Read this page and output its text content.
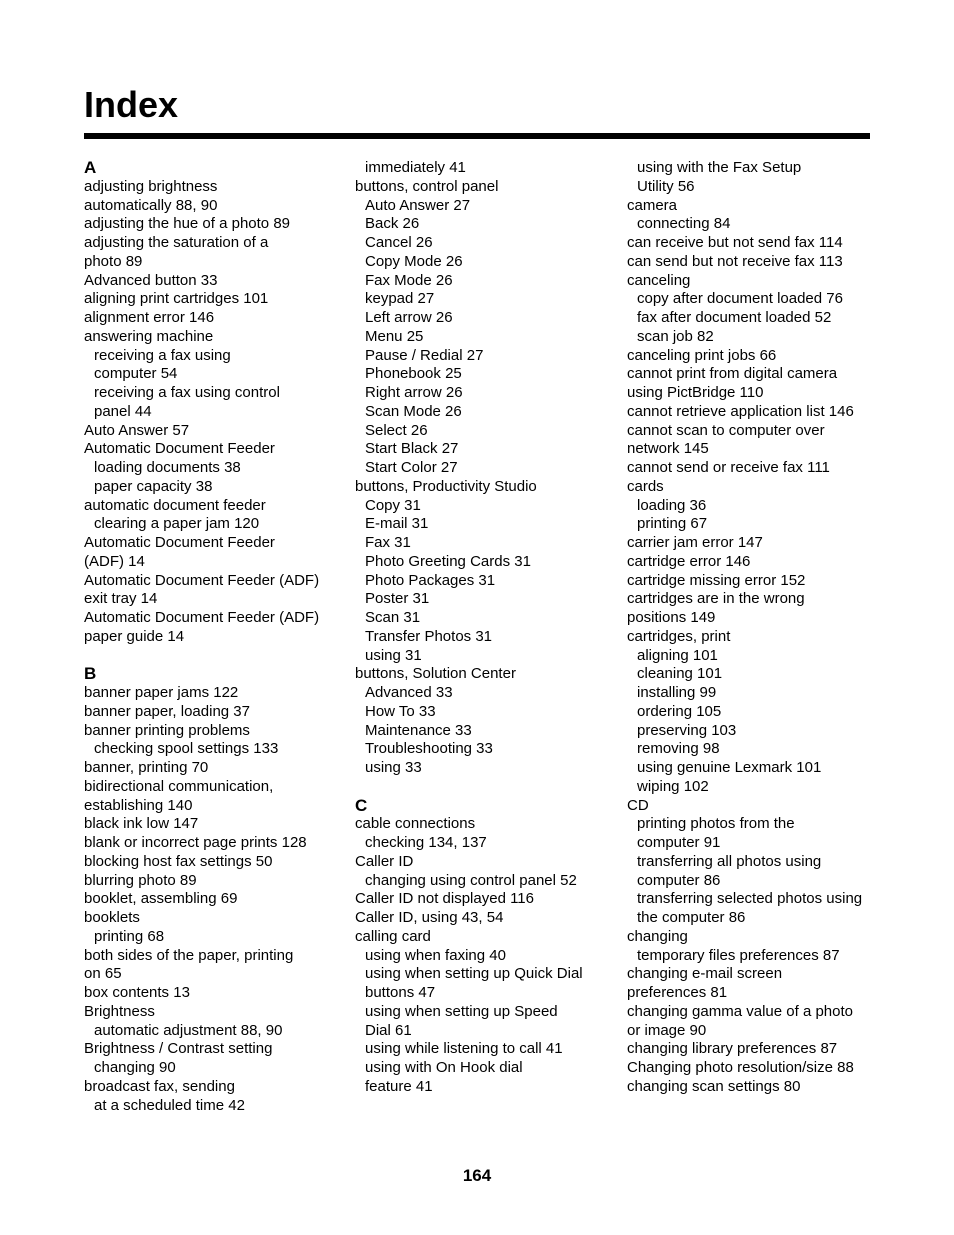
Index
A
adjusting brightness
automatically 88, 90
adjusting the hue of a photo 89
adjusting the saturation of a
photo 89
Advanced button 33
aligning print cartridges 101
alignment error 146
answering machine
receiving a fax using
computer 54
receiving a fax using control
panel 44
Auto Answer 57
Automatic Document Feeder
loading documents 38
paper capacity 38
automatic document feeder
clearing a paper jam 120
Automatic Document Feeder
(ADF) 14
Automatic Document Feeder (ADF)
exit tray 14
Automatic Document Feeder (ADF)
paper guide 14
B
banner paper jams 122
banner paper, loading 37
banner printing problems
checking spool settings 133
banner, printing 70
bidirectional communication,
establishing 140
black ink low 147
blank or incorrect page prints 128
blocking host fax settings 50
blurring photo 89
booklet, assembling 69
booklets
printing 68
both sides of the paper, printing
on 65
box contents 13
Brightness
automatic adjustment 88, 90
Brightness / Contrast setting
changing 90
broadcast fax, sending
at a scheduled time 42
immediately 41
buttons, control panel
Auto Answer 27
Back 26
Cancel 26
Copy Mode 26
Fax Mode 26
keypad 27
Left arrow 26
Menu 25
Pause / Redial 27
Phonebook 25
Right arrow 26
Scan Mode 26
Select 26
Start Black 27
Start Color 27
buttons, Productivity Studio
Copy 31
E-mail 31
Fax 31
Photo Greeting Cards 31
Photo Packages 31
Poster 31
Scan 31
Transfer Photos 31
using 31
buttons, Solution Center
Advanced 33
How To 33
Maintenance 33
Troubleshooting 33
using 33
C
cable connections
checking 134, 137
Caller ID
changing using control panel 52
Caller ID not displayed 116
Caller ID, using 43, 54
calling card
using when faxing 40
using when setting up Quick Dial
buttons 47
using when setting up Speed
Dial 61
using while listening to call 41
using with On Hook dial
feature 41
using with the Fax Setup
Utility 56
camera
connecting 84
can receive but not send fax 114
can send but not receive fax 113
canceling
copy after document loaded 76
fax after document loaded 52
scan job 82
canceling print jobs 66
cannot print from digital camera
using PictBridge 110
cannot retrieve application list 146
cannot scan to computer over
network 145
cannot send or receive fax 111
cards
loading 36
printing 67
carrier jam error 147
cartridge error 146
cartridge missing error 152
cartridges are in the wrong
positions 149
cartridges, print
aligning 101
cleaning 101
installing 99
ordering 105
preserving 103
removing 98
using genuine Lexmark 101
wiping 102
CD
printing photos from the
computer 91
transferring all photos using
computer 86
transferring selected photos using
the computer 86
changing
temporary files preferences 87
changing e-mail screen
preferences 81
changing gamma value of a photo
or image 90
changing library preferences 87
Changing photo resolution/size 88
changing scan settings 80
164
